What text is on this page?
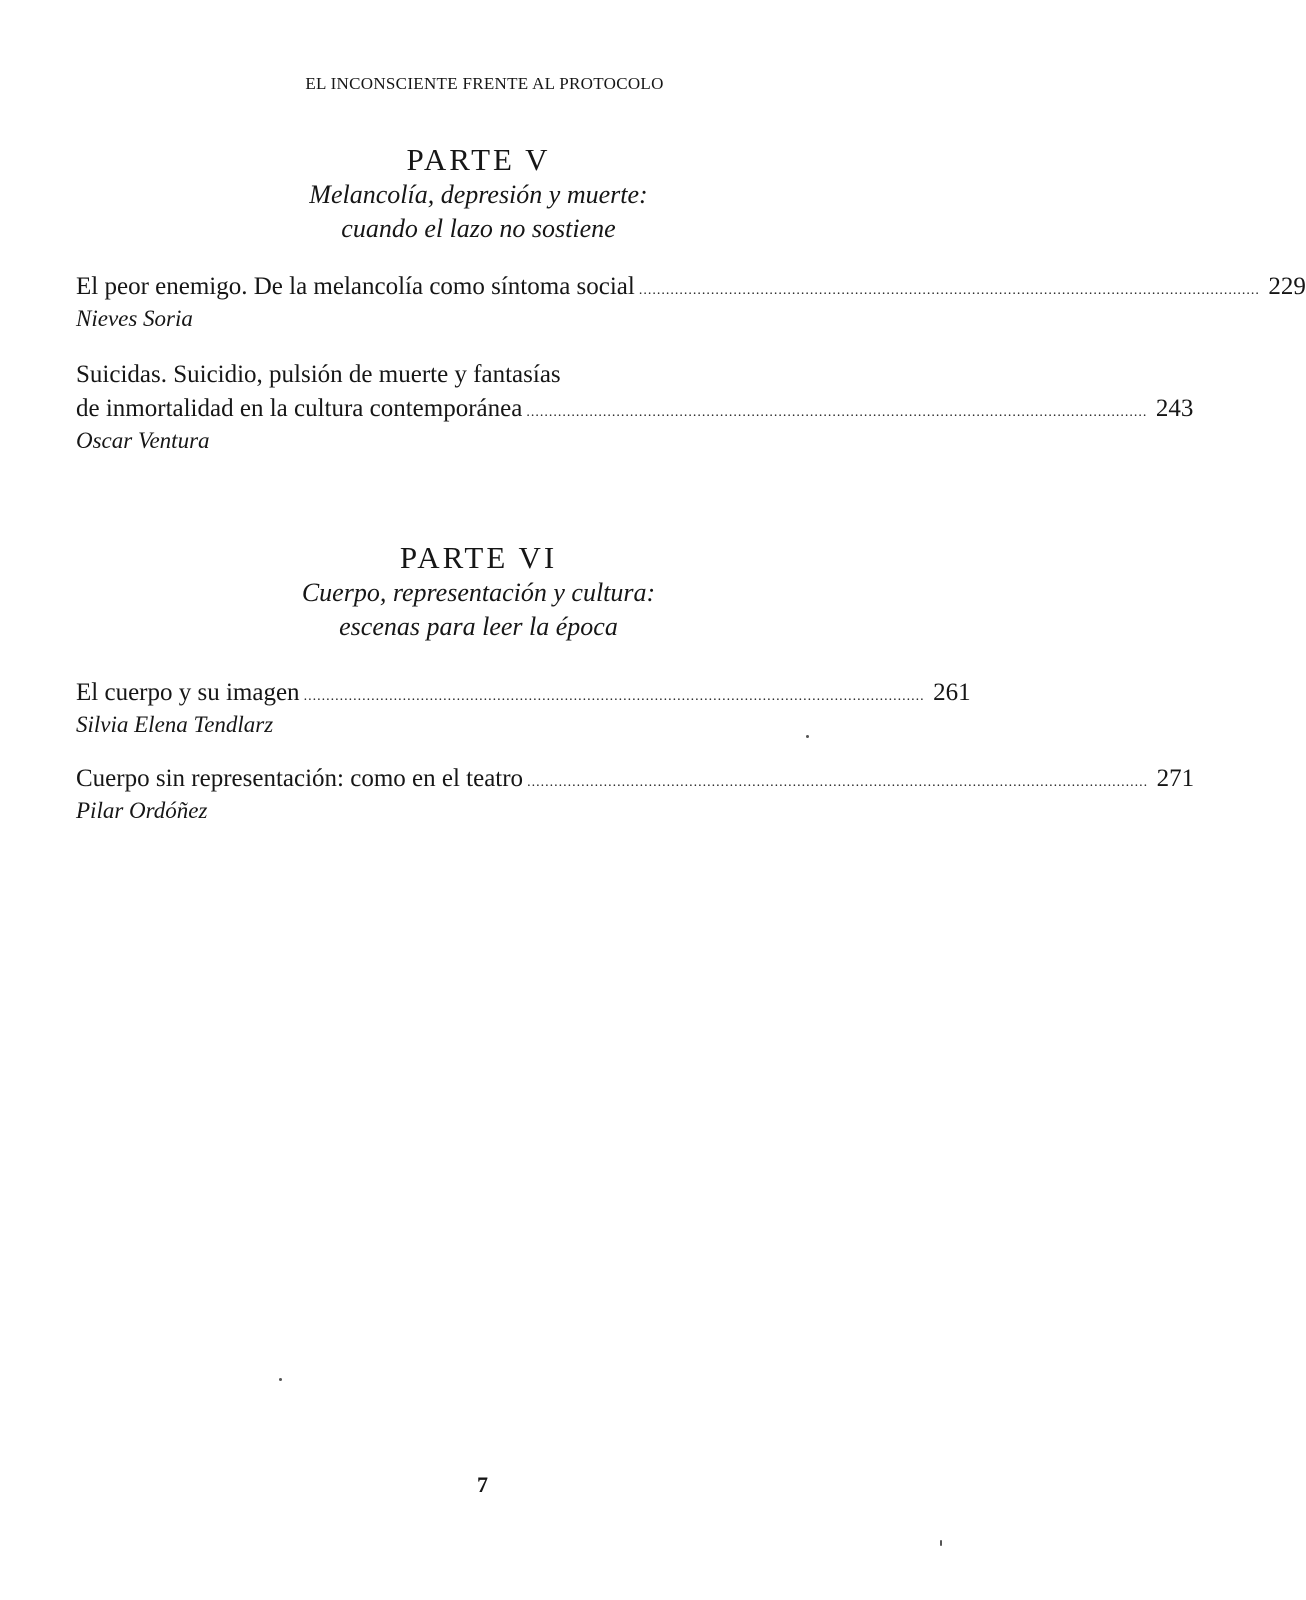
EL INCONSCIENTE FRENTE AL PROTOCOLO
PARTE V
Melancolía, depresión y muerte:
cuando el lazo no sostiene
El peor enemigo. De la melancolía como síntoma social .......................................................................................................................................... 229
Nieves Soria
Suicidas. Suicidio, pulsión de muerte y fantasías
de inmortalidad en la cultura contemporánea .......................................................................................................................................... 243
Oscar Ventura
PARTE VI
Cuerpo, representación y cultura:
escenas para leer la época
El cuerpo y su imagen .......................................................................................................................................... 261
Silvia Elena Tendlarz
Cuerpo sin representación: como en el teatro .......................................................................................................................................... 271
Pilar Ordóñez
7
